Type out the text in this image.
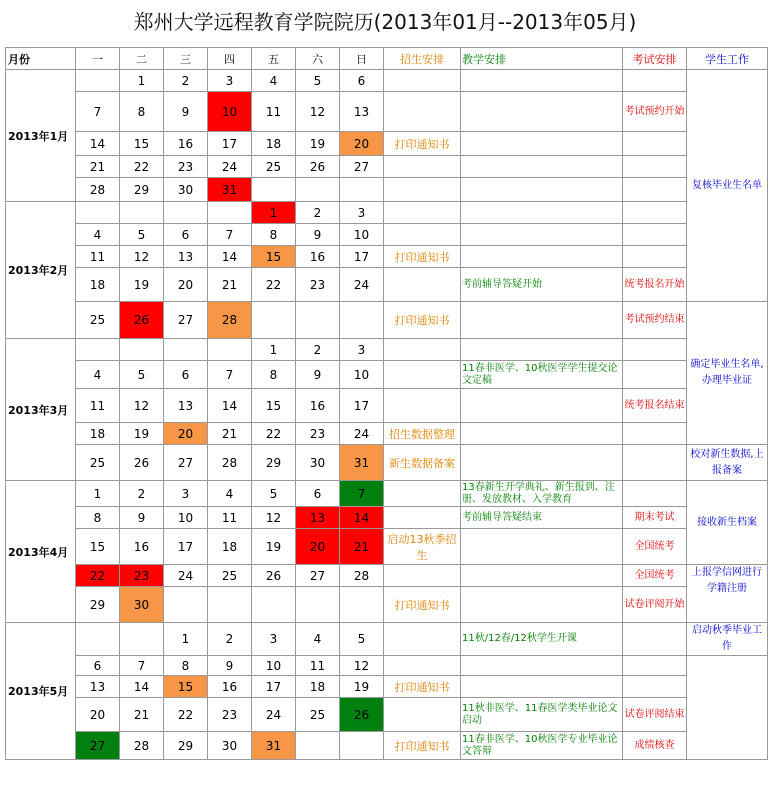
郑州大学远程教育学院院历(2013年01月--2013年05月)
月份	一	二	三	四	五	六	日	招生安排	教学安排	考试安排	学生工作
2013年1月		1	2	3	4	5	6				复核毕业生名单
	7	8	9	10	11	12	13			考试预约开始	
	14	15	16	17	18	19	20	打印通知书			
	21	22	23	24	25	26	27				
	28	29	30	31							
2013年2月					1	2	3				
	4	5	6	7	8	9	10				
	11	12	13	14	15	16	17	打印通知书			
	18	19	20	21	22	23	24		考前辅导答疑开始	统考报名开始	
	25	26	27	28				打印通知书		考试预约结束	确定毕业生名单,办理毕业证
2013年3月					1	2	3				
	4	5	6	7	8	9	10		11春非医学、10秋医学学生提交论文定稿		
	11	12	13	14	15	16	17			统考报名结束	
	18	19	20	21	22	23	24	招生数据整理			
	25	26	27	28	29	30	31	新生数据备案			校对新生数据,上报备案
2013年4月	1	2	3	4	5	6	7		13春新生开学典礼、新生报到、注册、发放教材、入学教育		接收新生档案
	8	9	10	11	12	13	14		考前辅导答疑结束	期末考试	
	15	16	17	18	19	20	21	启动13秋季招生		全国统考	
	22	23	24	25	26	27	28			全国统考	上报学信网进行学籍注册
	29	30						打印通知书		试卷评阅开始	
2013年5月			1	2	3	4	5		11秋/12春/12秋学生开课		启动秋季毕业工作
	6	7	8	9	10	11	12				
	13	14	15	16	17	18	19	打印通知书			
	20	21	22	23	24	25	26		11秋非医学、11春医学类毕业论文启动	试卷评阅结束	
	27	28	29	30	31			打印通知书	11春非医学、10秋医学专业毕业论文答辩	成绩核查	
